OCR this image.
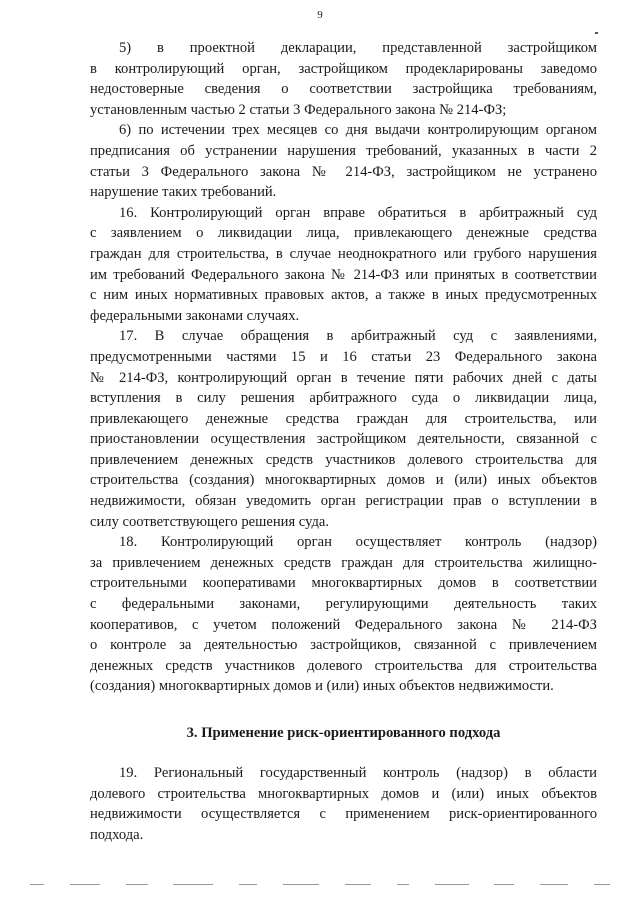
9
5) в проектной декларации, представленной застройщиком
в контролирующий орган, застройщиком продекларированы заведомо
недостоверные сведения о соответствии застройщика требованиям,
установленным частью 2 статьи 3 Федерального закона № 214-ФЗ;
6) по истечении трех месяцев со дня выдачи контролирующим органом
предписания об устранении нарушения требований, указанных в части 2
статьи 3 Федерального закона № 214-ФЗ, застройщиком не устранено
нарушение таких требований.
16. Контролирующий орган вправе обратиться в арбитражный суд
с заявлением о ликвидации лица, привлекающего денежные средства
граждан для строительства, в случае неоднократного или грубого нарушения
им требований Федерального закона № 214-ФЗ или принятых в соответствии
с ним иных нормативных правовых актов, а также в иных предусмотренных
федеральными законами случаях.
17. В случае обращения в арбитражный суд с заявлениями,
предусмотренными частями 15 и 16 статьи 23 Федерального закона
№ 214-ФЗ, контролирующий орган в течение пяти рабочих дней с даты
вступления в силу решения арбитражного суда о ликвидации лица,
привлекающего денежные средства граждан для строительства, или
приостановлении осуществления застройщиком деятельности, связанной с
привлечением денежных средств участников долевого строительства для
строительства (создания) многоквартирных домов и (или) иных объектов
недвижимости, обязан уведомить орган регистрации прав о вступлении в
силу соответствующего решения суда.
18. Контролирующий орган осуществляет контроль (надзор)
за привлечением денежных средств граждан для строительства жилищно-
строительными кооперативами многоквартирных домов в соответствии
с федеральными законами, регулирующими деятельность таких
кооперативов, с учетом положений Федерального закона № 214-ФЗ
о контроле за деятельностью застройщиков, связанной с привлечением
денежных средств участников долевого строительства для строительства
(создания) многоквартирных домов и (или) иных объектов недвижимости.
3. Применение риск-ориентированного подхода
19. Региональный государственный контроль (надзор) в области
долевого строительства многоквартирных домов и (или) иных объектов
недвижимости осуществляется с применением риск-ориентированного
подхода.
